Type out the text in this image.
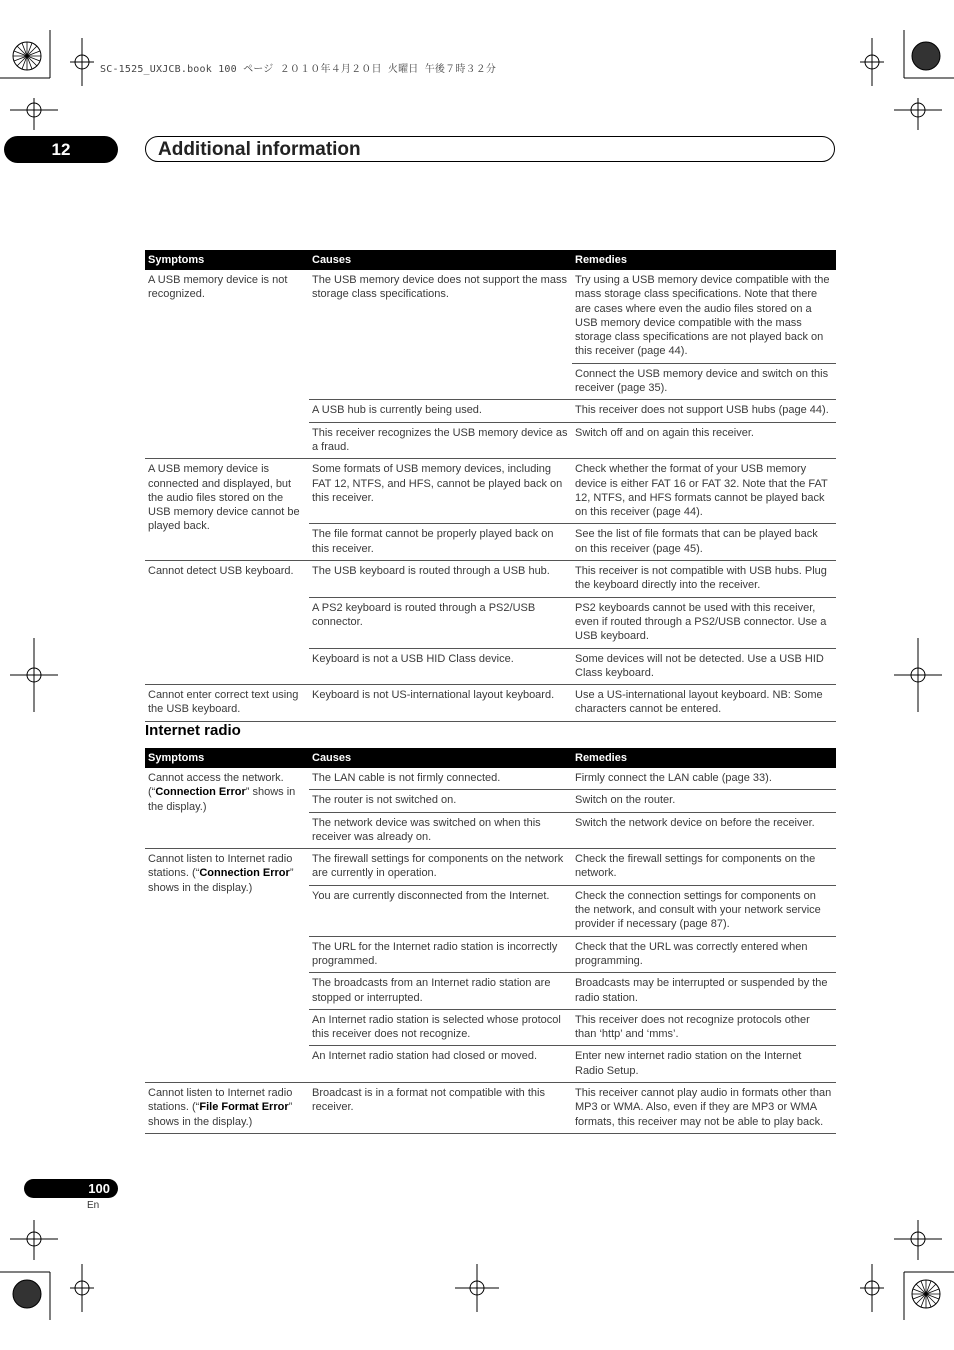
SC-1525_UXJCB.book 100 ページ ２０１０年４月２０日 火曜日 午後７時３２分
12	Additional information
Symptoms	Causes	Remedies
A USB memory device is not recognized.	The USB memory device does not support the mass storage class specifications.	Try using a USB memory device compatible with the mass storage class specifications. Note that there are cases where even the audio files stored on a USB memory device compatible with the mass storage class specifications are not played back on this receiver (page 44).
		Connect the USB memory device and switch on this receiver (page 35).
	A USB hub is currently being used.	This receiver does not support USB hubs (page 44).
	This receiver recognizes the USB memory device as a fraud.	Switch off and on again this receiver.
A USB memory device is connected and displayed, but the audio files stored on the USB memory device cannot be played back.	Some formats of USB memory devices, including FAT 12, NTFS, and HFS, cannot be played back on this receiver.	Check whether the format of your USB memory device is either FAT 16 or FAT 32. Note that the FAT 12, NTFS, and HFS formats cannot be played back on this receiver (page 44).
	The file format cannot be properly played back on this receiver.	See the list of file formats that can be played back on this receiver (page 45).
Cannot detect USB keyboard.	The USB keyboard is routed through a USB hub.	This receiver is not compatible with USB hubs. Plug the keyboard directly into the receiver.
	A PS2 keyboard is routed through a PS2/USB connector.	PS2 keyboards cannot be used with this receiver, even if routed through a PS2/USB connector. Use a USB keyboard.
	Keyboard is not a USB HID Class device.	Some devices will not be detected. Use a USB HID Class keyboard.
Cannot enter correct text using the USB keyboard.	Keyboard is not US-international layout keyboard.	Use a US-international layout keyboard. NB: Some characters cannot be entered.
Internet radio
Symptoms	Causes	Remedies
Cannot access the network. (“Connection Error” shows in the display.)	The LAN cable is not firmly connected.	Firmly connect the LAN cable (page 33).
	The router is not switched on.	Switch on the router.
	The network device was switched on when this receiver was already on.	Switch the network device on before the receiver.
Cannot listen to Internet radio stations. (“Connection Error” shows in the display.)	The firewall settings for components on the network are currently in operation.	Check the firewall settings for components on the network.
	You are currently disconnected from the Internet.	Check the connection settings for components on the network, and consult with your network service provider if necessary (page 87).
	The URL for the Internet radio station is incorrectly programmed.	Check that the URL was correctly entered when programming.
	The broadcasts from an Internet radio station are stopped or interrupted.	Broadcasts may be interrupted or suspended by the radio station.
	An Internet radio station is selected whose protocol this receiver does not recognize.	This receiver does not recognize protocols other than ‘http’ and ‘mms’.
	An Internet radio station had closed or moved.	Enter new internet radio station on the Internet Radio Setup.
Cannot listen to Internet radio stations. (“File Format Error” shows in the display.)	Broadcast is in a format not compatible with this receiver.	This receiver cannot play audio in formats other than MP3 or WMA. Also, even if they are MP3 or WMA formats, this receiver may not be able to play back.
100
En
